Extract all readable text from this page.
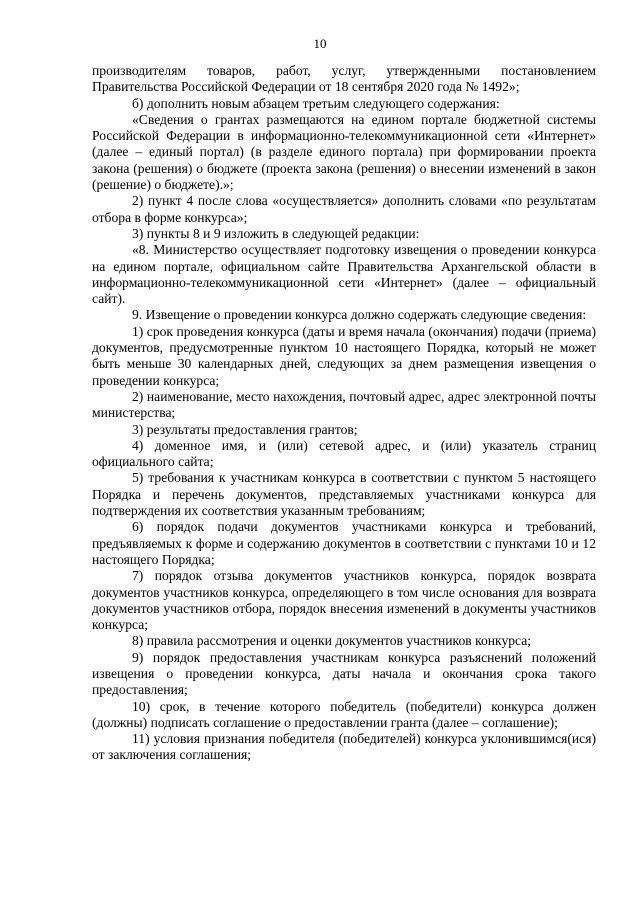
10

производителям товаров, работ, услуг, утвержденными постановлением Правительства Российской Федерации от 18 сентября 2020 года № 1492»;

б) дополнить новым абзацем третьим следующего содержания:

«Сведения о грантах размещаются на едином портале бюджетной системы Российской Федерации в информационно-телекоммуникационной сети «Интернет» (далее – единый портал) (в разделе единого портала) при формировании проекта закона (решения) о бюджете (проекта закона (решения) о внесении изменений в закон (решение) о бюджете).»;

2) пункт 4 после слова «осуществляется» дополнить словами «по результатам отбора в форме конкурса»;

3) пункты 8 и 9 изложить в следующей редакции:

«8. Министерство осуществляет подготовку извещения о проведении конкурса на едином портале, официальном сайте Правительства Архангельской области в информационно-телекоммуникационной сети «Интернет» (далее – официальный сайт).

9. Извещение о проведении конкурса должно содержать следующие сведения:

1) срок проведения конкурса (даты и время начала (окончания) подачи (приема) документов, предусмотренные пунктом 10 настоящего Порядка, который не может быть меньше 30 календарных дней, следующих за днем размещения извещения о проведении конкурса;

2) наименование, место нахождения, почтовый адрес, адрес электронной почты министерства;

3) результаты предоставления грантов;

4) доменное имя, и (или) сетевой адрес, и (или) указатель страниц официального сайта;

5) требования к участникам конкурса в соответствии с пунктом 5 настоящего Порядка и перечень документов, представляемых участниками конкурса для подтверждения их соответствия указанным требованиям;

6) порядок подачи документов участниками конкурса и требований, предъявляемых к форме и содержанию документов в соответствии с пунктами 10 и 12 настоящего Порядка;

7) порядок отзыва документов участников конкурса, порядок возврата документов участников конкурса, определяющего в том числе основания для возврата документов участников отбора, порядок внесения изменений в документы участников конкурса;

8) правила рассмотрения и оценки документов участников конкурса;

9) порядок предоставления участникам конкурса разъяснений положений извещения о проведении конкурса, даты начала и окончания срока такого предоставления;

10) срок, в течение которого победитель (победители) конкурса должен (должны) подписать соглашение о предоставлении гранта (далее – соглашение);

11) условия признания победителя (победителей) конкурса уклонившимся(ися) от заключения соглашения;
